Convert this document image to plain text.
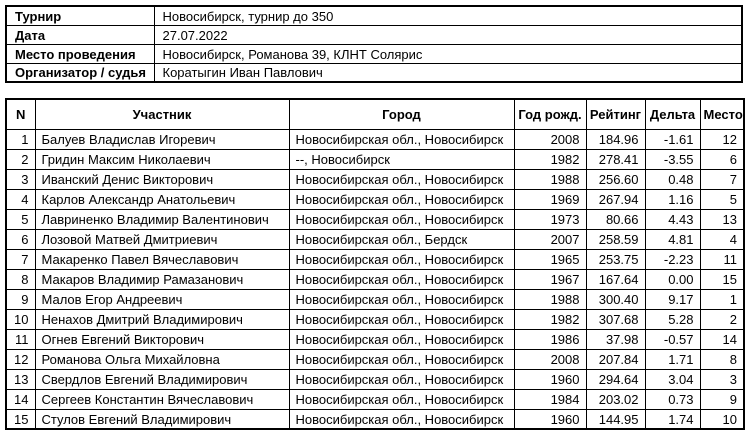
Турнир	Новосибирск, турнир до 350
Дата	27.07.2022
Место проведения	Новосибирск, Романова 39, КЛНТ Солярис
Организатор / судья	Коратыгин Иван Павлович
N	Участник	Город	Год рожд.	Рейтинг	Дельта	Место
1	Балуев Владислав Игоревич	Новосибирская обл., Новосибирск	2008	184.96	-1.61	12
2	Гридин Максим Николаевич	--, Новосибирск	1982	278.41	-3.55	6
3	Иванский Денис Викторович	Новосибирская обл., Новосибирск	1988	256.60	0.48	7
4	Карлов Александр Анатольевич	Новосибирская обл., Новосибирск	1969	267.94	1.16	5
5	Лавриненко Владимир Валентинович	Новосибирская обл., Новосибирск	1973	80.66	4.43	13
6	Лозовой Матвей Дмитриевич	Новосибирская обл., Бердск	2007	258.59	4.81	4
7	Макаренко Павел Вячеславович	Новосибирская обл., Новосибирск	1965	253.75	-2.23	11
8	Макаров Владимир Рамазанович	Новосибирская обл., Новосибирск	1967	167.64	0.00	15
9	Малов Егор Андреевич	Новосибирская обл., Новосибирск	1988	300.40	9.17	1
10	Ненахов Дмитрий Владимирович	Новосибирская обл., Новосибирск	1982	307.68	5.28	2
11	Огнев Евгений Викторович	Новосибирская обл., Новосибирск	1986	37.98	-0.57	14
12	Романова Ольга Михайловна	Новосибирская обл., Новосибирск	2008	207.84	1.71	8
13	Свердлов Евгений Владимирович	Новосибирская обл., Новосибирск	1960	294.64	3.04	3
14	Сергеев Константин Вячеславович	Новосибирская обл., Новосибирск	1984	203.02	0.73	9
15	Стулов Евгений Владимирович	Новосибирская обл., Новосибирск	1960	144.95	1.74	10
